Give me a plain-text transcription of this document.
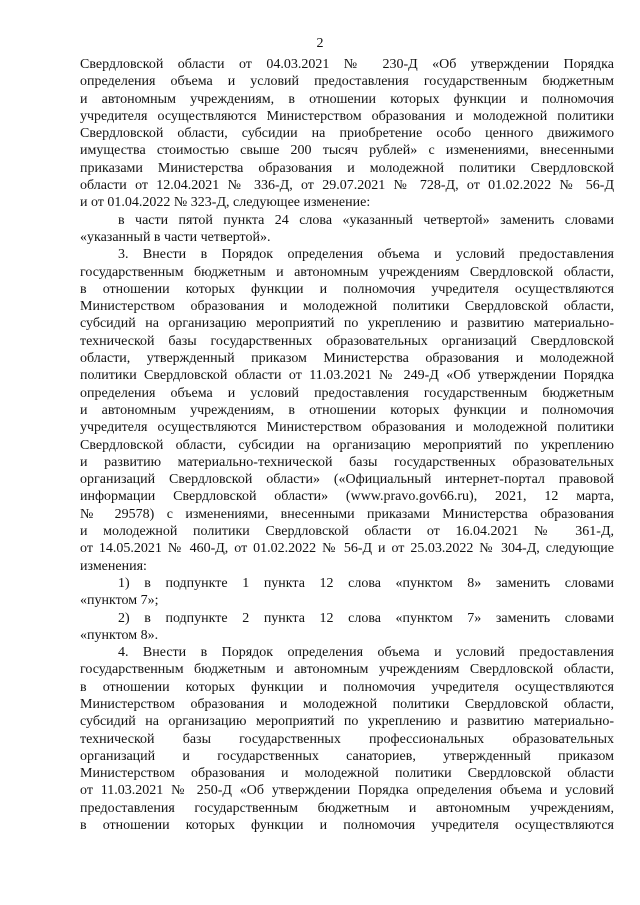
2
Свердловской области от 04.03.2021 № 230-Д «Об утверждении Порядка
определения объема и условий предоставления государственным бюджетным
и автономным учреждениям, в отношении которых функции и полномочия
учредителя осуществляются Министерством образования и молодежной политики
Свердловской области, субсидии на приобретение особо ценного движимого
имущества стоимостью свыше 200 тысяч рублей» с изменениями, внесенными
приказами Министерства образования и молодежной политики Свердловской
области от 12.04.2021 № 336-Д, от 29.07.2021 № 728-Д, от 01.02.2022 № 56-Д
и от 01.04.2022 № 323-Д, следующее изменение:
в части пятой пункта 24 слова «указанный четвертой» заменить словами
«указанный в части четвертой».
3. Внести в Порядок определения объема и условий предоставления
государственным бюджетным и автономным учреждениям Свердловской области,
в отношении которых функции и полномочия учредителя осуществляются
Министерством образования и молодежной политики Свердловской области,
субсидий на организацию мероприятий по укреплению и развитию материально-
технической базы государственных образовательных организаций Свердловской
области, утвержденный приказом Министерства образования и молодежной
политики Свердловской области от 11.03.2021 № 249-Д «Об утверждении Порядка
определения объема и условий предоставления государственным бюджетным
и автономным учреждениям, в отношении которых функции и полномочия
учредителя осуществляются Министерством образования и молодежной политики
Свердловской области, субсидии на организацию мероприятий по укреплению
и развитию материально-технической базы государственных образовательных
организаций Свердловской области» («Официальный интернет-портал правовой
информации Свердловской области» (www.pravo.gov66.ru), 2021, 12 марта,
№ 29578) с изменениями, внесенными приказами Министерства образования
и молодежной политики Свердловской области от 16.04.2021 № 361-Д,
от 14.05.2021 № 460-Д, от 01.02.2022 № 56-Д и от 25.03.2022 № 304-Д, следующие
изменения:
1) в подпункте 1 пункта 12 слова «пунктом 8» заменить словами
«пунктом 7»;
2) в подпункте 2 пункта 12 слова «пунктом 7» заменить словами
«пунктом 8».
4. Внести в Порядок определения объема и условий предоставления
государственным бюджетным и автономным учреждениям Свердловской области,
в отношении которых функции и полномочия учредителя осуществляются
Министерством образования и молодежной политики Свердловской области,
субсидий на организацию мероприятий по укреплению и развитию материально-
технической базы государственных профессиональных образовательных
организаций и государственных санаториев, утвержденный приказом
Министерством образования и молодежной политики Свердловской области
от 11.03.2021 № 250-Д «Об утверждении Порядка определения объема и условий
предоставления государственным бюджетным и автономным учреждениям,
в отношении которых функции и полномочия учредителя осуществляются
